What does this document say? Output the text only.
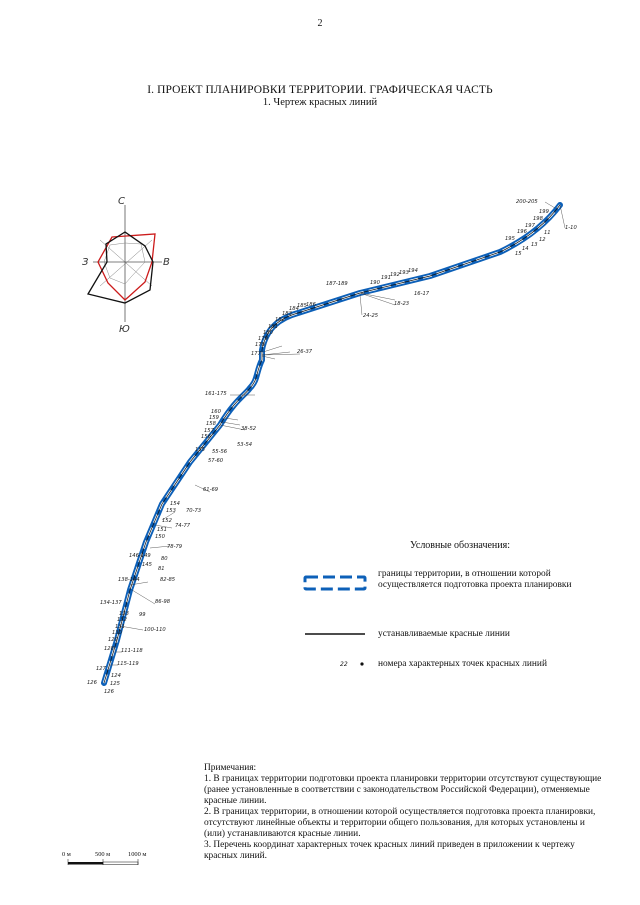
2
I. ПРОЕКТ ПЛАНИРОВКИ ТЕРРИТОРИИ. ГРАФИЧЕСКАЯ ЧАСТЬ
1. Чертеж красных линий
С
Ю
З	В
200-205
199
198
197
196
195
1-10
11
12
13
14
15
187-189	190
191 192 193 194
16-17
18-23
24-25
186
185
184
183
182
181
180
179
178
177	26-37
161-175
160
159
158
157
156
38-52
53-54
155 55-56
57-60
61-69
154
153 70-73
152
74-77
151
150
78-79
146-149 80
145
81
138-144	82-85
86-98
134-137
133 99
132
131	100-110
130
129
128 111-118
115-119
127
124
126	125
126
Условные обозначения:
границы территории, в отношении которой осуществляется подготовка проекта планировки
устанавливаемые красные линии
22	номера характерных точек красных линий

Примечания:

1. В границах территории подготовки проекта планировки территории отсутствуют существующие (ранее установленные в соответствии с законодательством Российской Федерации), отменяемые красные линии.

2. В границах территории, в отношении которой осуществляется подготовка проекта планировки, отсутствуют линейные объекты и территории общего пользования, для которых установлены и (или) устанавливаются красные линии.

3. Перечень координат характерных точек красных линий приведен в приложении к чертежу красных линий.

0 м	500 м	1000 м
